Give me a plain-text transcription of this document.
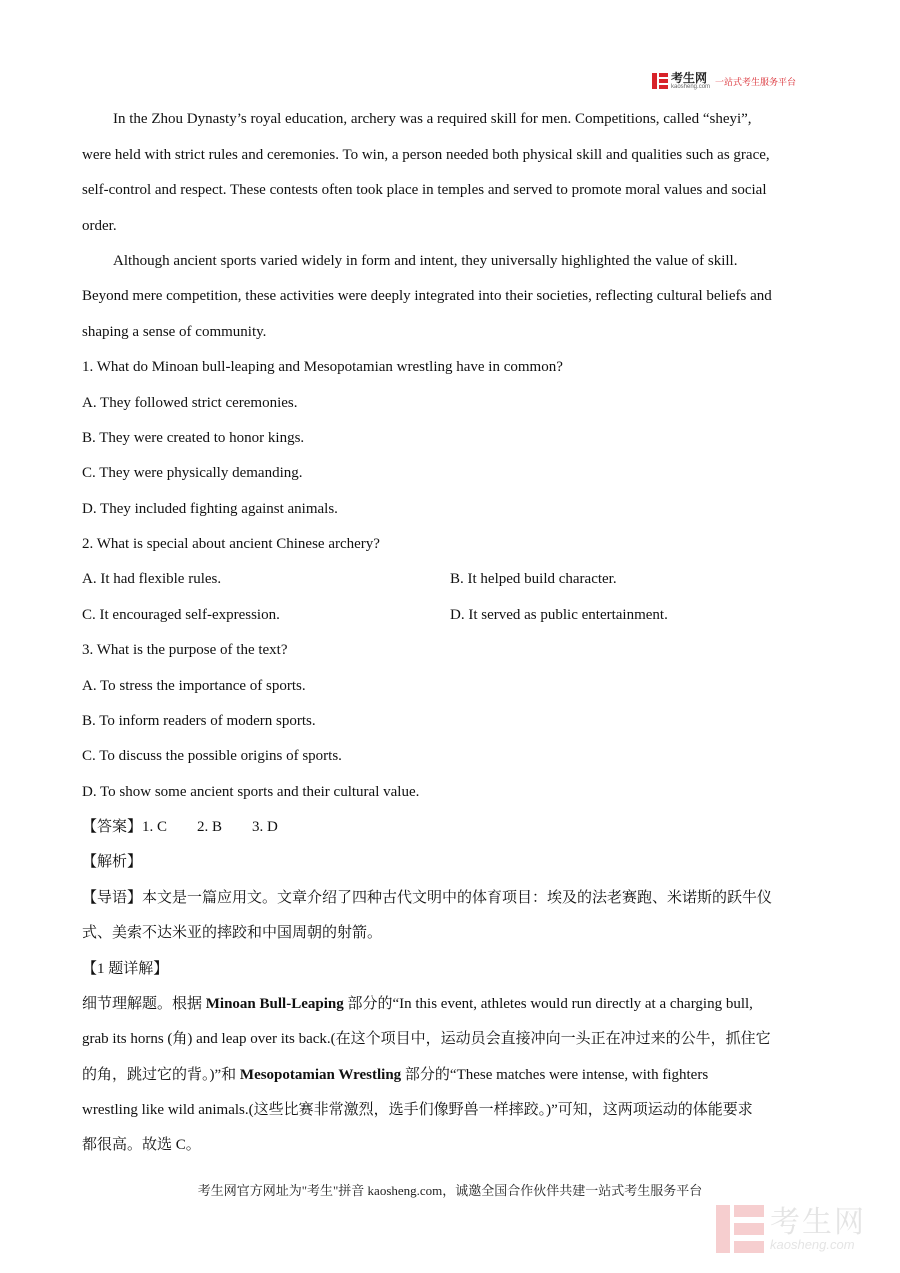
考生网
kaosheng.com 一站式考生服务平台
In the Zhou Dynasty’s royal education, archery was a required skill for men. Competitions, called “sheyi”,
were held with strict rules and ceremonies. To win, a person needed both physical skill and qualities such as grace,
self-control and respect. These contests often took place in temples and served to promote moral values and social
order.
Although ancient sports varied widely in form and intent, they universally highlighted the value of skill.
Beyond mere competition, these activities were deeply integrated into their societies, reflecting cultural beliefs and
shaping a sense of community.
1. What do Minoan bull-leaping and Mesopotamian wrestling have in common?
A. They followed strict ceremonies.
B. They were created to honor kings.
C. They were physically demanding.
D. They included fighting against animals.
2. What is special about ancient Chinese archery?
A. It had flexible rules.	B. It helped build character.
C. It encouraged self-expression.	D. It served as public entertainment.
3. What is the purpose of the text?
A. To stress the importance of sports.
B. To inform readers of modern sports.
C. To discuss the possible origins of sports.
D. To show some ancient sports and their cultural value.
【答案】1. C        2. B        3. D
【解析】
【导语】本文是一篇应用文。文章介绍了四种古代文明中的体育项目：埃及的法老赛跑、米诺斯的跃牛仪
式、美索不达米亚的摔跤和中国周朝的射箭。
【1 题详解】
细节理解题。根据 Minoan Bull-Leaping 部分的“In this event, athletes would run directly at a charging bull,
grab its horns (角) and leap over its back.(在这个项目中，运动员会直接冲向一头正在冲过来的公牛，抓住它
的角，跳过它的背。)”和 Mesopotamian Wrestling 部分的“These matches were intense, with fighters
wrestling like wild animals.(这些比赛非常激烈，选手们像野兽一样摔跤。)”可知，这两项运动的体能要求
都很高。故选 C。
考生网官方网址为"考生"拼音 kaosheng.com，诚邀全国合作伙伴共建一站式考生服务平台
考生网
kaosheng.com
